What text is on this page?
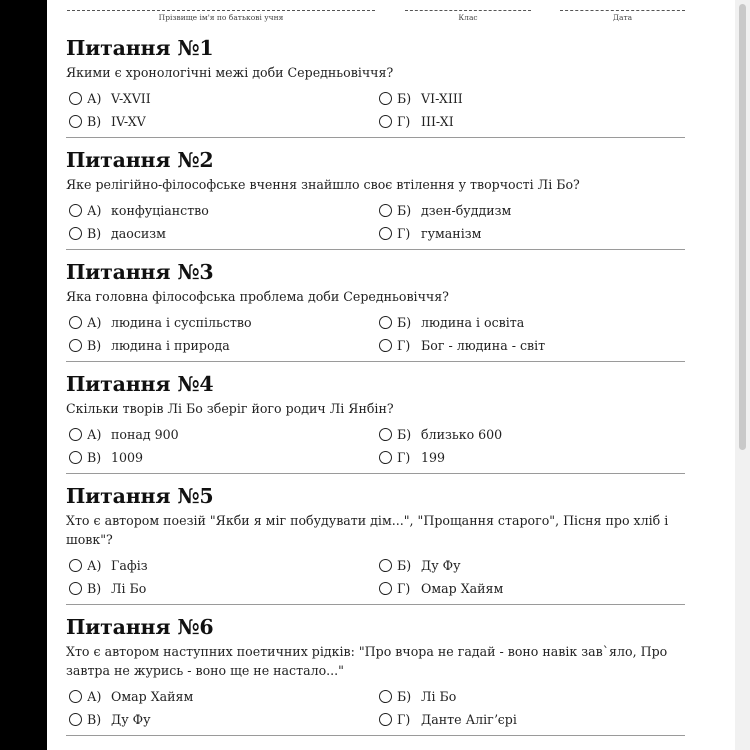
Прізвище ім'я по батькові учня	Клас	Дата
Питання №1
Якими є хронологічні межі доби Середньовіччя?
А) V-XVII	Б) VI-XIII
В) IV-XV	Г) III-XI
Питання №2
Яке релігійно-філософське вчення знайшло своє втілення у творчості Лі Бо?
А) конфуціанство	Б) дзен-буддизм
В) даосизм	Г) гуманізм
Питання №3
Яка головна філософська проблема доби Середньовіччя?
А) людина і суспільство	Б) людина і освіта
В) людина і природа	Г) Бог - людина - світ
Питання №4
Скільки творів Лі Бо зберіг його родич Лі Янбін?
А) понад 900	Б) близько 600
В) 1009	Г) 199
Питання №5
Хто є автором поезій "Якби я міг побудувати дім...", "Прощання старого", Пісня про хліб і шовк"?
А) Гафіз	Б) Ду Фу
В) Лі Бо	Г) Омар Хайям
Питання №6
Хто є автором наступних поетичних рідків: "Про вчора не гадай - воно навік зав`яло, Про завтра не журись - воно ще не настало..."
А) Омар Хайям	Б) Лі Бо
В) Ду Фу	Г) Данте Алігʼєрі
